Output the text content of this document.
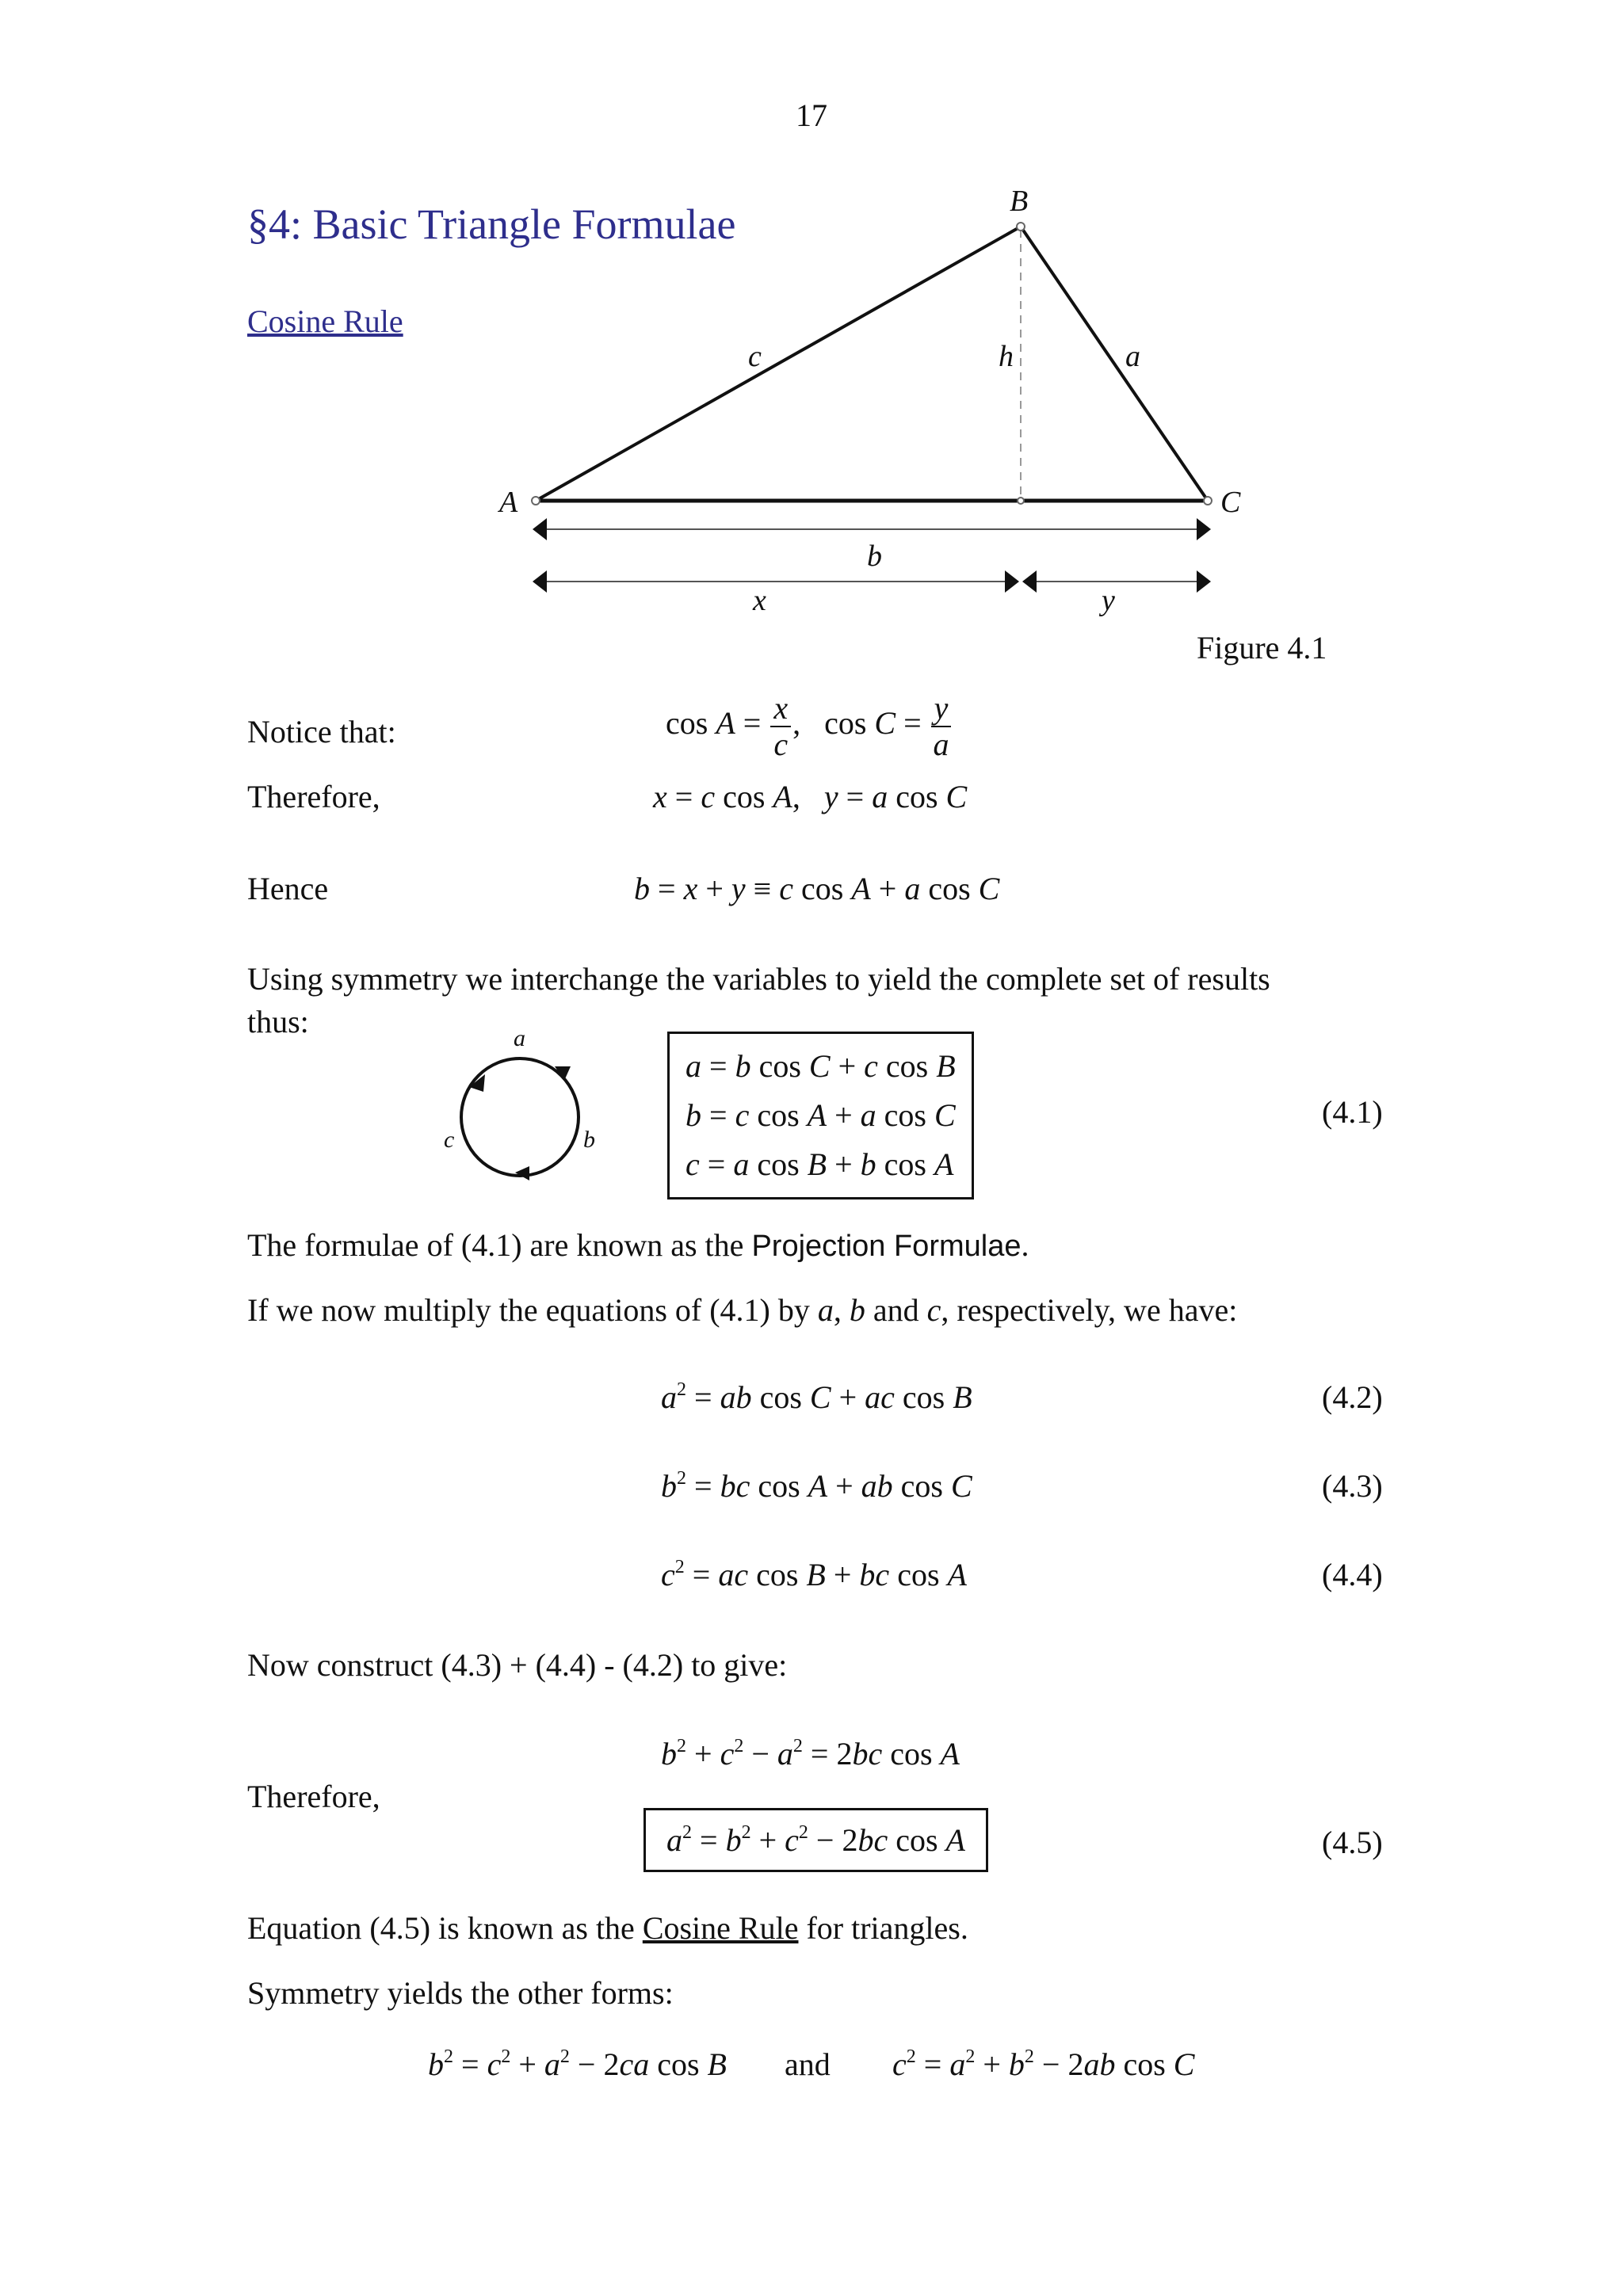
17
§4: Basic Triangle Formulae
Cosine Rule
A
B
C
c	a
h
b
x	y
Figure 4.1
Notice that:	$\cos A = \frac{x}{c}$ ,   $\cos C = \frac{y}{a}$
Therefore,	x = c cos A,   y = a cos C
Hence	b = x + y ≡ c cos A + a cos C
Using symmetry we interchange the variables to yield the complete set of results
thus:	a
b
c
a = b cos C + c cos B
b = c cos A + a cos C
c = a cos B + b cos A
(4.1)
The formulae of (4.1) are known as the Projection Formulae.
If we now multiply the equations of (4.1) by a, b and c, respectively, we have:
$a^2$ = ab cos C + ac cos B	(4.2)
$b^2$ = bc cos A + ab cos C	(4.3)
$c^2$ = ac cos B + bc cos A	(4.4)
Now construct (4.3) + (4.4) - (4.2) to give:
$b^2 + c^2 - a^2 = 2bc$ cos A
Therefore,
$a^2 = b^2 + c^2 - 2bc$ cos A	(4.5)
Equation (4.5) is known as the Cosine Rule for triangles.
Symmetry yields the other forms:
$b^2 = c^2 + a^2 - 2ca$ cos B and $c^2 = a^2 + b^2 - 2ab$ cos C
